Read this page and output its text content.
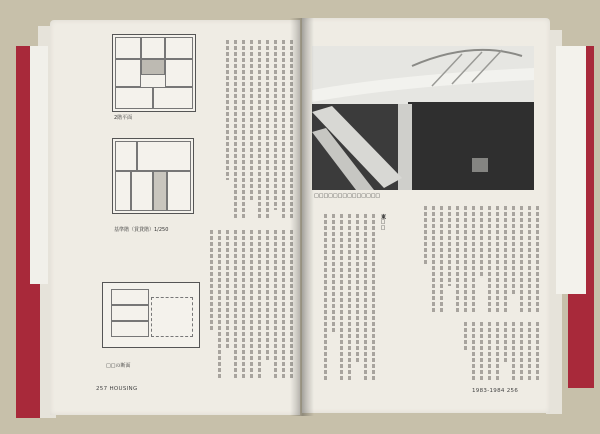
2階平面
基準階（賃貸階）1/250
□□の断面
257 HOUSING
□□□□□□□□□□□□□□
東□□
1983-1984 256
